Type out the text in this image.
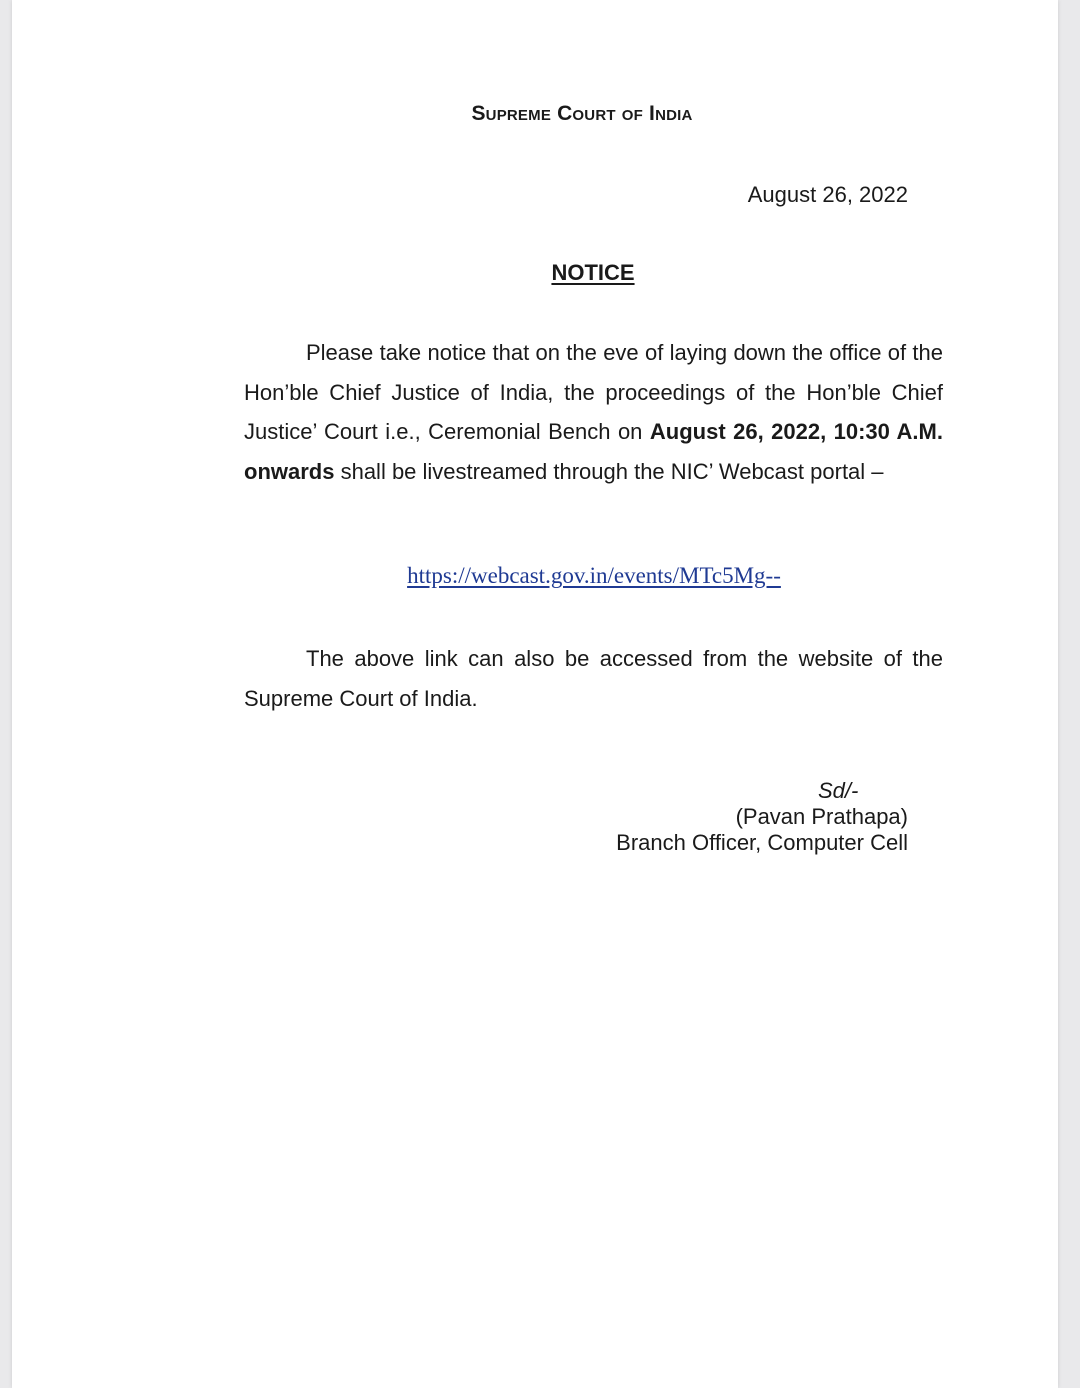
Supreme Court of India
August 26, 2022
NOTICE

Please take notice that on the eve of laying down the office of the Hon’ble Chief Justice of India, the proceedings of the Hon’ble Chief Justice’ Court i.e., Ceremonial Bench on August 26, 2022, 10:30 A.M. onwards shall be livestreamed through the NIC’ Webcast portal –

https://webcast.gov.in/events/MTc5Mg--

The above link can also be accessed from the website of the Supreme Court of India.

Sd/-
(Pavan Prathapa)
Branch Officer, Computer Cell
